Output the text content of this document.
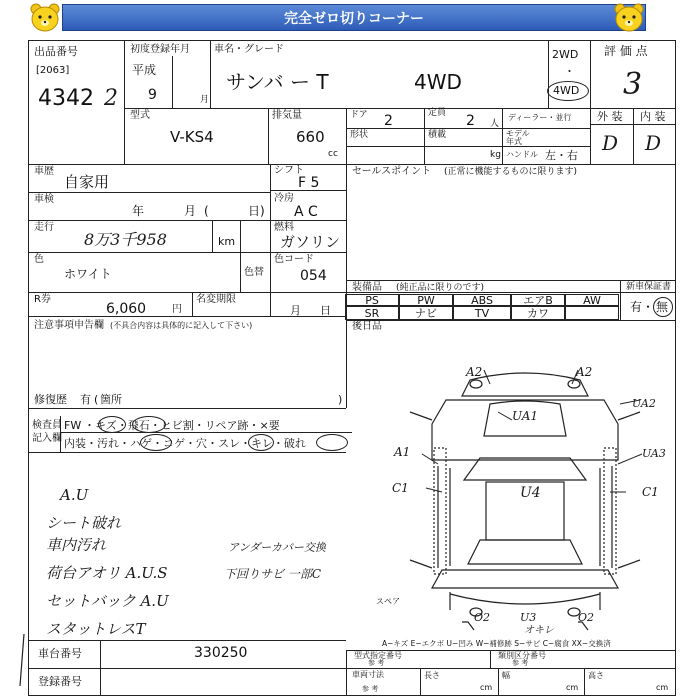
完全ゼロ切りコーナー
出品番号
[2063]
4342 2
初度登録年月
平成
9	月
車名・グレード
サンバ ー T	4WD
2WD
・
4WD
評 価 点
3
外 装 内 装
D D
型式
V-KS4
排気量
660
cc
ドア 2	定員 2 人
ディーラー・並行
形状	積載
kg
モデル 年式
ハンドル 左・右
車歴
自家用
車検
年	月 (	日)
走行
8万3千958	km
色
ホワイト	色替
シフト
F 5
冷房
A C
燃料
ガソリン
色コード
054
R券
6,060	円
名変期限
月 日
セールスポイント (正常に機能するものに限ります)
装備品 (純正品に限りのです)	新車保証書
有 ・ 無
PS	PW	ABS	エアB	AW
SR	ナビ	TV	カワ
後日品
注意事項申告欄 (不具合内容は具体的に記入して下さい)
修復歴 有 ( 箇所	)
検査員
記入欄
FW ・キズ・飛石・ヒビ割・リペア跡・×要
内装 ・汚れ・ハゲ・コゲ・穴・スレ・キレ・破れ
A.U
シート破れ
車内汚れ
荷台アオリ A.U.S
セットバック A.U
スタットレスT
アンダーカバー交換
下回りサビ 一部C
A2	A2
UA1
UA2
A1	UA3
C1	C1
U4
O2	U3	O2
オキレ
スペア
A−キズ E−エクボ U−凹み W−補修跡 S−サビ C−腐食 XX−交換済
車台番号	330250
登録番号
型式指定番号
参 考
類別区分番号
参 考
車両寸法
参 考
長さ
cm
幅
cm
高さ
cm
